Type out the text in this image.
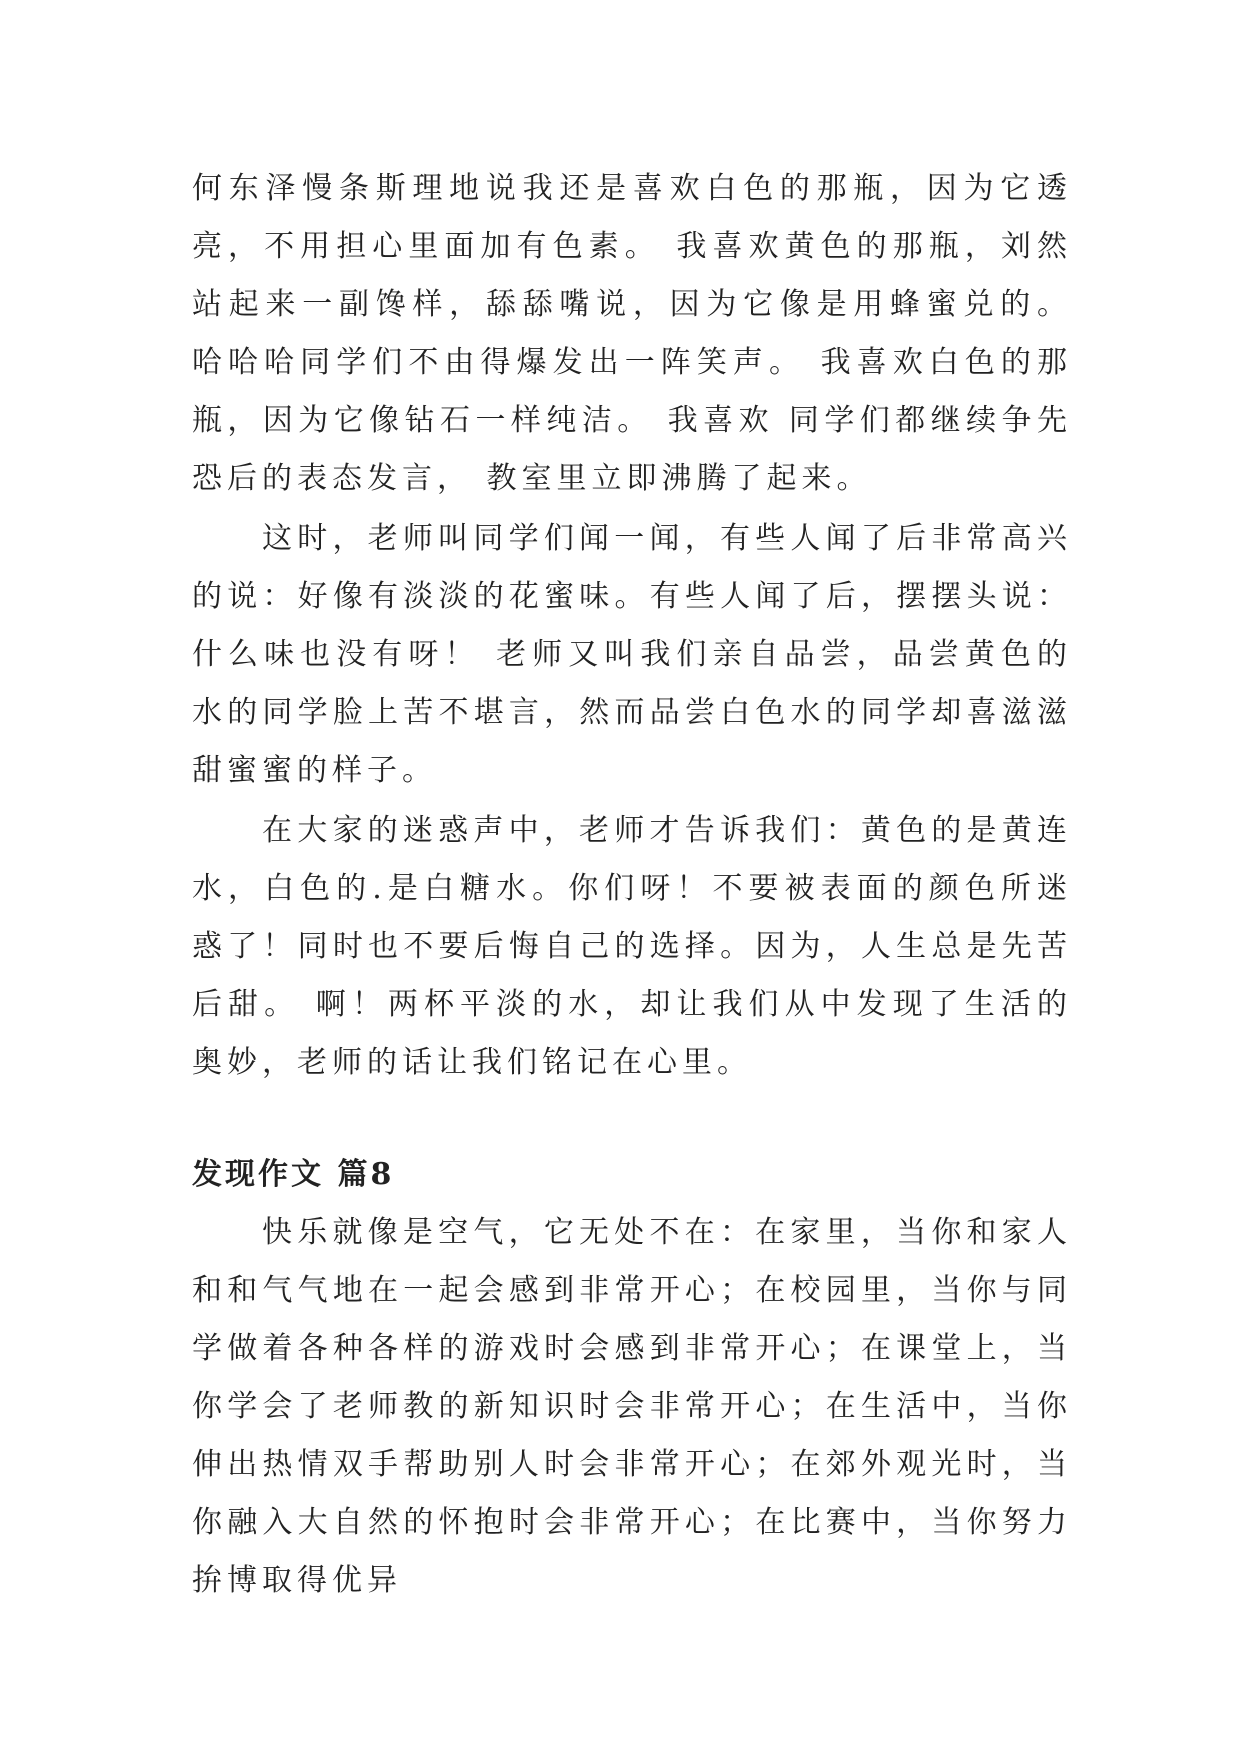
何东泽慢条斯理地说我还是喜欢白色的那瓶，因为它透亮，不用担心里面加有色素。 我喜欢黄色的那瓶，刘然站起来一副馋样，舔舔嘴说，因为它像是用蜂蜜兑的。 哈哈哈同学们不由得爆发出一阵笑声。 我喜欢白色的那瓶，因为它像钻石一样纯洁。 我喜欢 同学们都继续争先恐后的表态发言， 教室里立即沸腾了起来。

这时，老师叫同学们闻一闻，有些人闻了后非常高兴的说：好像有淡淡的花蜜味。有些人闻了后，摆摆头说：什么味也没有呀！ 老师又叫我们亲自品尝，品尝黄色的水的同学脸上苦不堪言，然而品尝白色水的同学却喜滋滋甜蜜蜜的样子。

在大家的迷惑声中，老师才告诉我们：黄色的是黄连水，白色的.是白糖水。你们呀！不要被表面的颜色所迷惑了！同时也不要后悔自己的选择。因为，人生总是先苦后甜。 啊！两杯平淡的水，却让我们从中发现了生活的奥妙，老师的话让我们铭记在心里。

发现作文 篇8

快乐就像是空气，它无处不在：在家里，当你和家人和和气气地在一起会感到非常开心；在校园里，当你与同学做着各种各样的游戏时会感到非常开心；在课堂上，当你学会了老师教的新知识时会非常开心；在生活中，当你伸出热情双手帮助别人时会非常开心；在郊外观光时，当你融入大自然的怀抱时会非常开心；在比赛中，当你努力拚博取得优异
